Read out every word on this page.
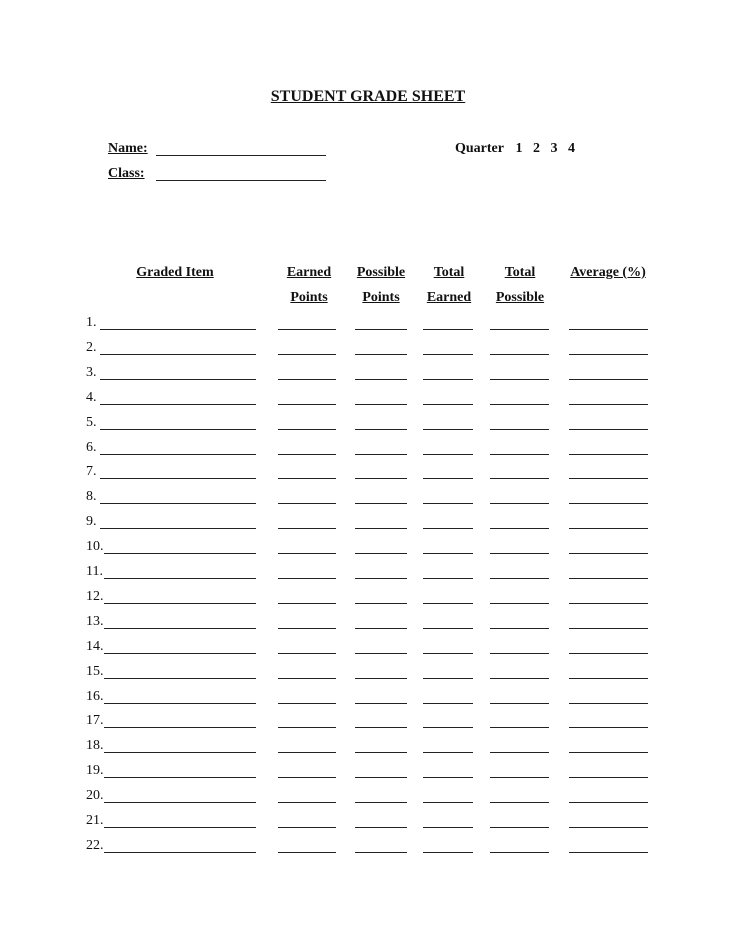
STUDENT GRADE SHEET
Name:
Class:
Quarter 1 2 3 4
Graded Item	Earned
Points
Possible
Points
Total
Earned
Total
Possible
Average (%)
1.
2.
3.
4.
5.
6.
7.
8.
9.
10.
11.
12.
13.
14.
15.
16.
17.
18.
19.
20.
21.
22.
